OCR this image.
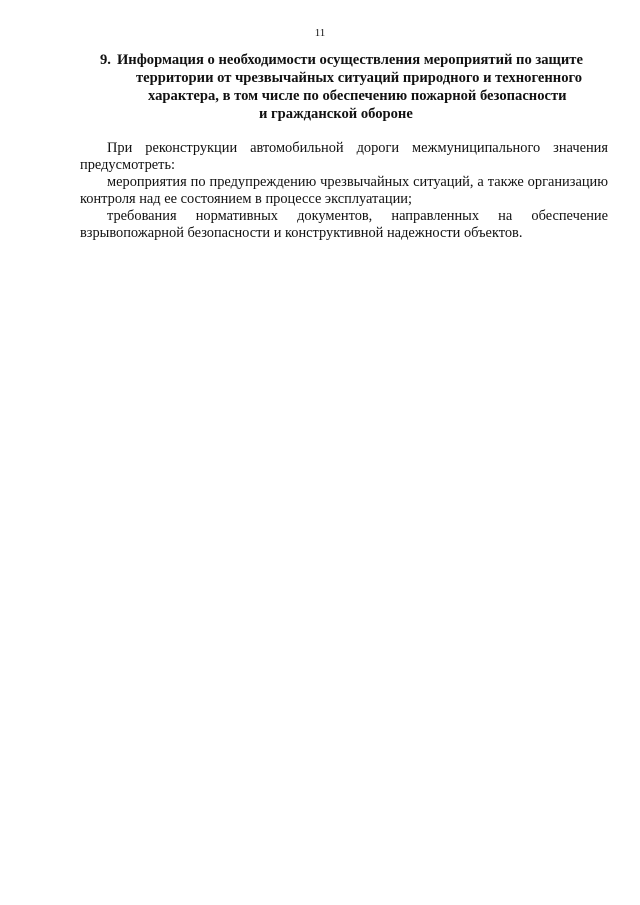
11
9. Информация о необходимости осуществления мероприятий по защите
территории от чрезвычайных ситуаций природного и техногенного
характера, в том числе по обеспечению пожарной безопасности
и гражданской обороне

При реконструкции автомобильной дороги межмуниципального значения предусмотреть:

мероприятия по предупреждению чрезвычайных ситуаций, а также организацию контроля над ее состоянием в процессе эксплуатации;

требования нормативных документов, направленных на обеспечение взрывопожарной безопасности и конструктивной надежности объектов.
